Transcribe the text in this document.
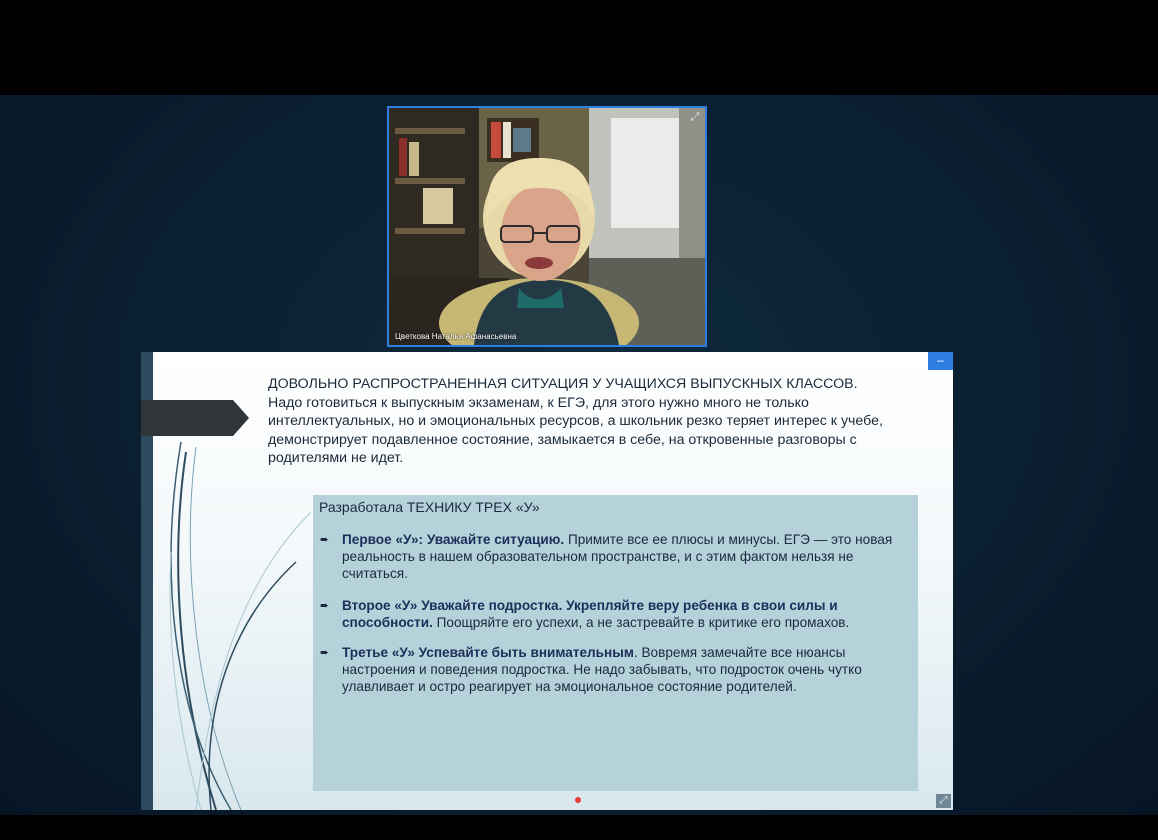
Цветкова Наталья Афанасьевна
⤢
ДОВОЛЬНО РАСПРОСТРАНЕННАЯ СИТУАЦИЯ У УЧАЩИХСЯ ВЫПУСКНЫХ КЛАССОВ.
Надо готовиться к выпускным экзаменам, к ЕГЭ, для этого нужно много не только интеллектуальных, но и эмоциональных ресурсов, а школьник резко теряет интерес к учебе, демонстрирует подавленное состояние, замыкается в себе, на откровенные разговоры с родителями не идет.
Разработала ТЕХНИКУ ТРЕХ «У»
➨ Первое «У»: Уважайте ситуацию. Примите все ее плюсы и минусы. ЕГЭ — это новая реальность в нашем образовательном пространстве, и с этим фактом нельзя не считаться.
➨ Второе «У» Уважайте подростка. Укрепляйте веру ребенка в свои силы и способности. Поощряйте его успехи, а не застревайте в критике его промахов.
➨ Третье «У» Успевайте быть внимательным. Вовремя замечайте все нюансы настроения и поведения подростка. Не надо забывать, что подросток очень чутко улавливает и остро реагирует на эмоциональное состояние родителей.
–
⤢
